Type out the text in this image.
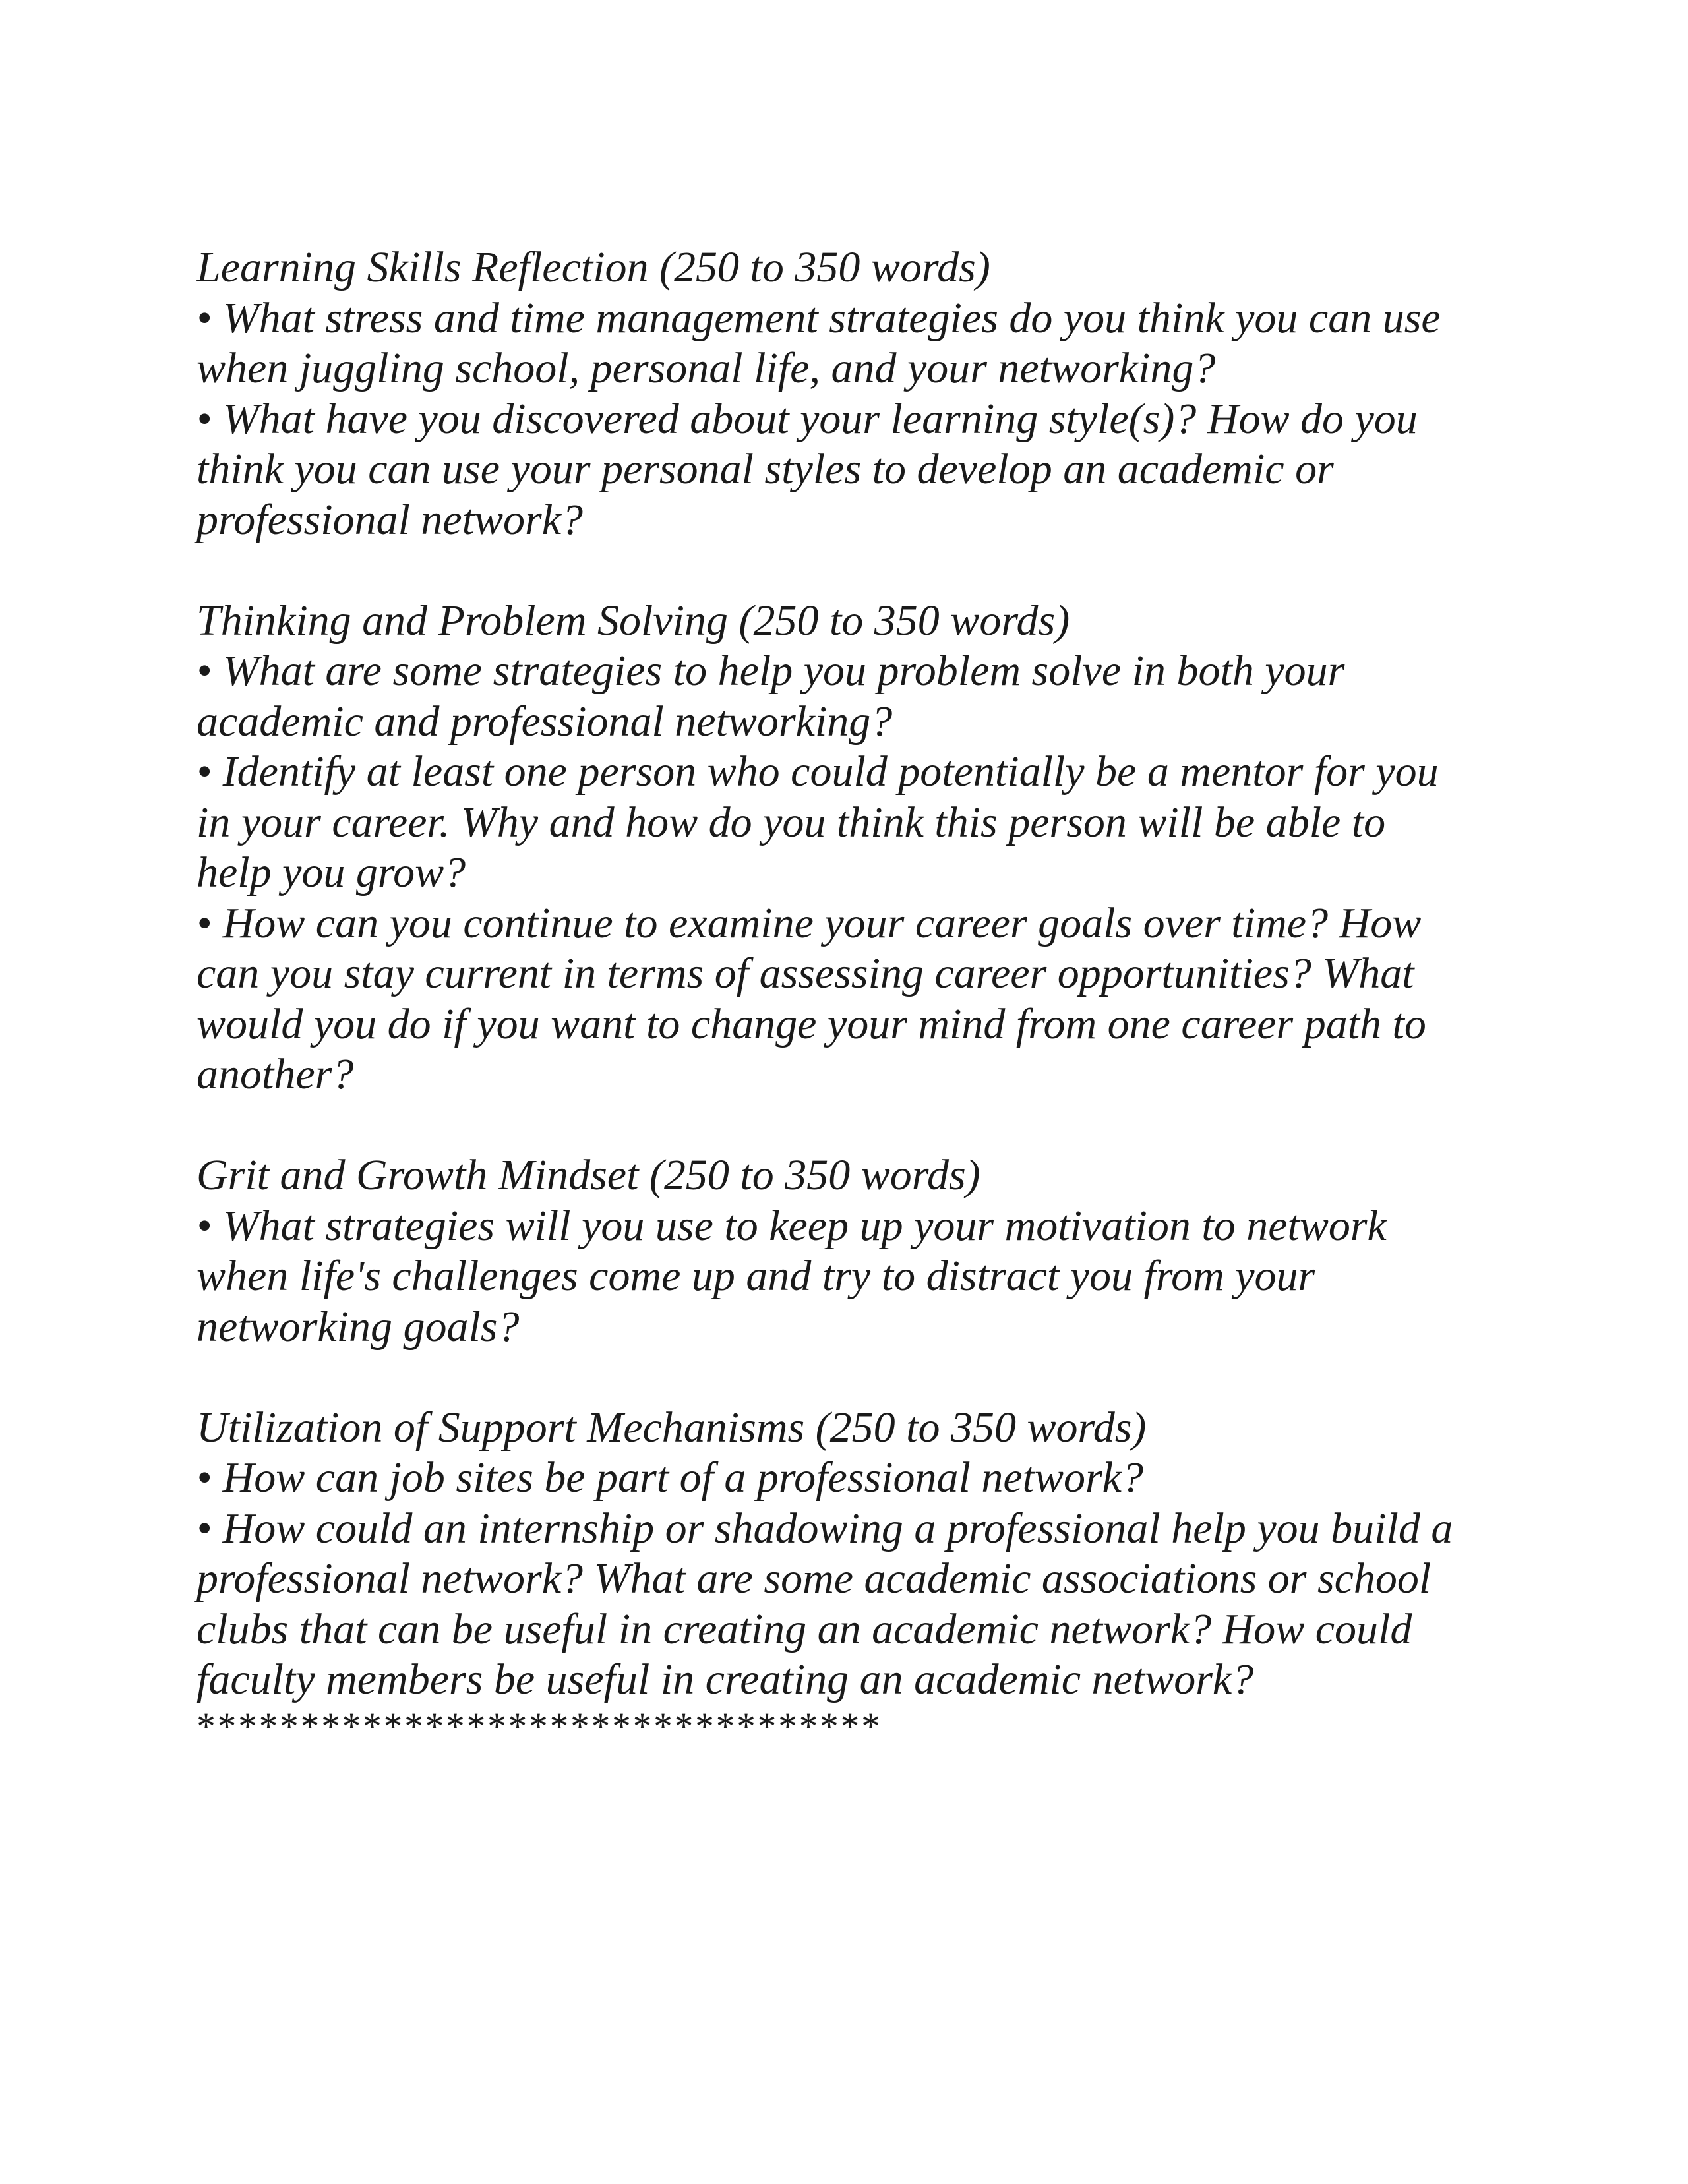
Learning Skills Reflection (250 to 350 words)
• What stress and time management strategies do you think you can use
when juggling school, personal life, and your networking?
• What have you discovered about your learning style(s)? How do you
think you can use your personal styles to develop an academic or
professional network?
Thinking and Problem Solving (250 to 350 words)
• What are some strategies to help you problem solve in both your
academic and professional networking?
• Identify at least one person who could potentially be a mentor for you
in your career. Why and how do you think this person will be able to
help you grow?
• How can you continue to examine your career goals over time? How
can you stay current in terms of assessing career opportunities? What
would you do if you want to change your mind from one career path to
another?
Grit and Growth Mindset (250 to 350 words)
• What strategies will you use to keep up your motivation to network
when life's challenges come up and try to distract you from your
networking goals?
Utilization of Support Mechanisms (250 to 350 words)
• How can job sites be part of a professional network?
• How could an internship or shadowing a professional help you build a
professional network? What are some academic associations or school
clubs that can be useful in creating an academic network? How could
faculty members be useful in creating an academic network?
*********************************
